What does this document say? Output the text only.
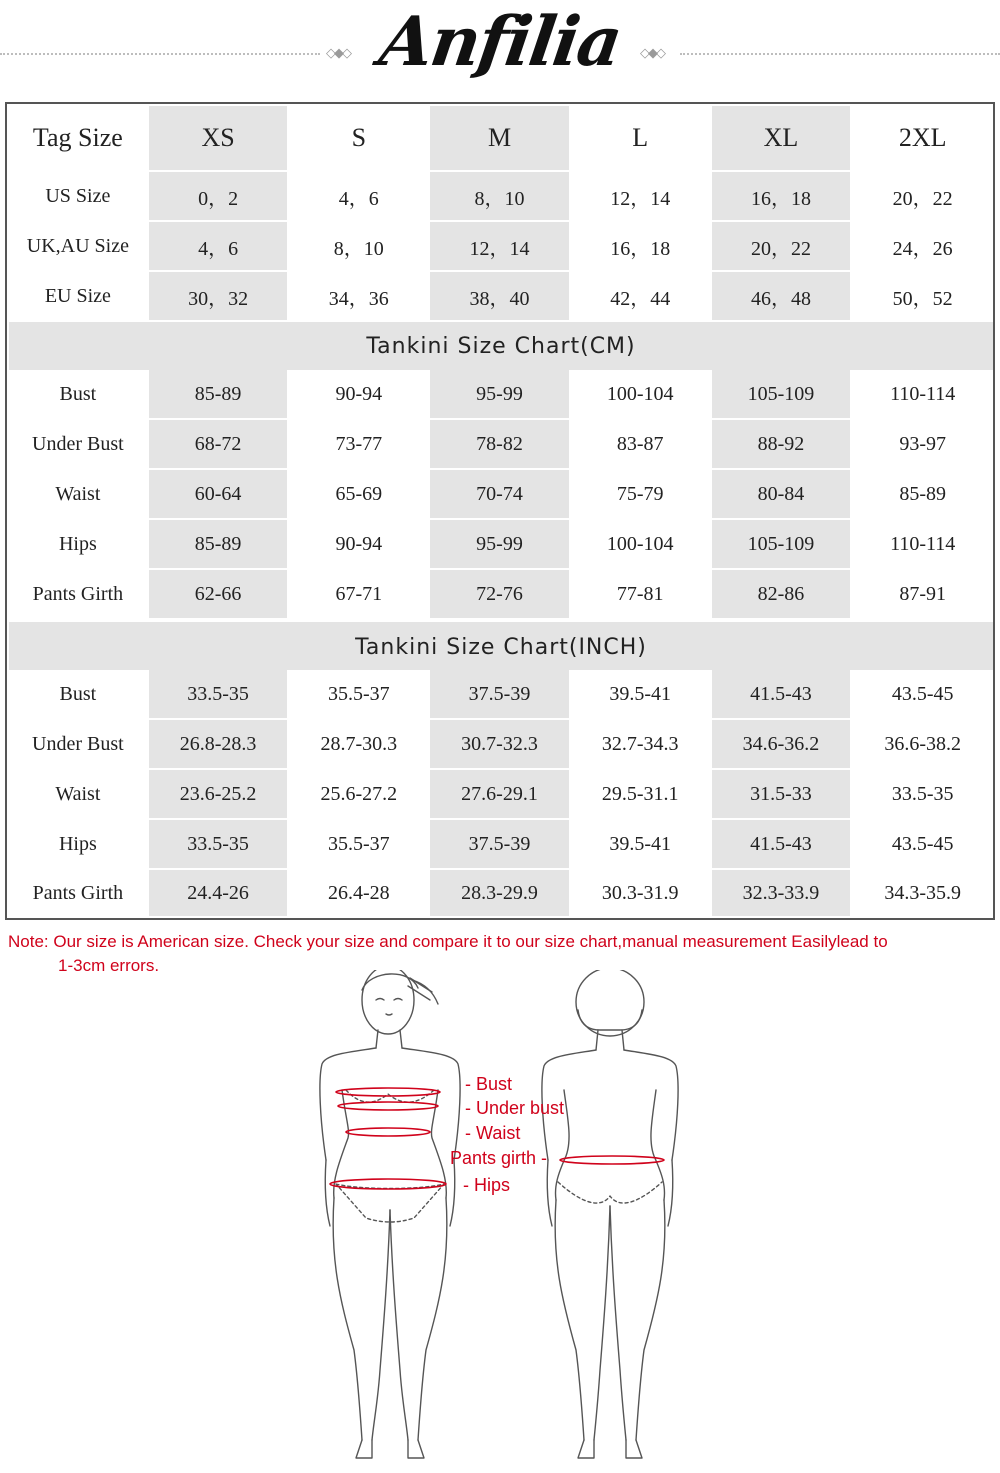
◇◆◇ Anfilia	◇◆◇
Tag Size	XS	S	M	L	XL	2XL
US Size	0，2	4，6	8，10	12，14	16，18	20，22
UK,AU Size	4，6	8，10	12，14	16，18	20，22	24，26
EU Size	30，32	34，36	38，40	42，44	46，48	50，52
Tankini Size Chart(CM)
Bust	85-89	90-94	95-99	100-104	105-109	110-114
Under Bust	68-72	73-77	78-82	83-87	88-92	93-97
Waist	60-64	65-69	70-74	75-79	80-84	85-89
Hips	85-89	90-94	95-99	100-104	105-109	110-114
Pants Girth	62-66	67-71	72-76	77-81	82-86	87-91
Tankini Size Chart(INCH)
Bust	33.5-35	35.5-37	37.5-39	39.5-41	41.5-43	43.5-45
Under Bust	26.8-28.3	28.7-30.3	30.7-32.3	32.7-34.3	34.6-36.2	36.6-38.2
Waist	23.6-25.2	25.6-27.2	27.6-29.1	29.5-31.1	31.5-33	33.5-35
Hips	33.5-35	35.5-37	37.5-39	39.5-41	41.5-43	43.5-45
Pants Girth	24.4-26	26.4-28	28.3-29.9	30.3-31.9	32.3-33.9	34.3-35.9
Note: Our size is American size. Check your size and compare it to our size chart,manual measurement Easilylead to
1-3cm errors.
- Bust
- Under bust
- Waist
Pants girth -
- Hips
